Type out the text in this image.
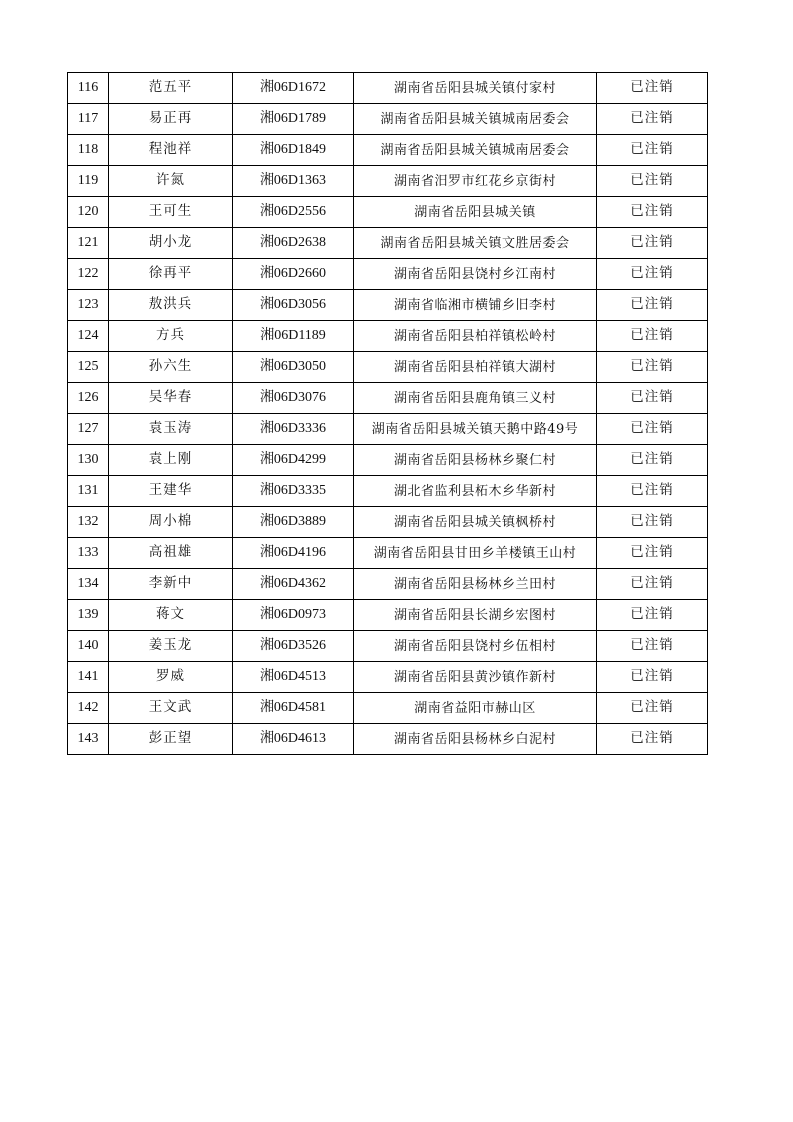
116	范五平	湘06D1672	湖南省岳阳县城关镇付家村	已注销
117	易正再	湘06D1789	湖南省岳阳县城关镇城南居委会	已注销
118	程池祥	湘06D1849	湖南省岳阳县城关镇城南居委会	已注销
119	许氮	湘06D1363	湖南省汨罗市红花乡京街村	已注销
120	王可生	湘06D2556	湖南省岳阳县城关镇	已注销
121	胡小龙	湘06D2638	湖南省岳阳县城关镇文胜居委会	已注销
122	徐再平	湘06D2660	湖南省岳阳县饶村乡江南村	已注销
123	敖洪兵	湘06D3056	湖南省临湘市横铺乡旧李村	已注销
124	方兵	湘06D1189	湖南省岳阳县柏祥镇松岭村	已注销
125	孙六生	湘06D3050	湖南省岳阳县柏祥镇大湖村	已注销
126	吴华春	湘06D3076	湖南省岳阳县鹿角镇三义村	已注销
127	袁玉涛	湘06D3336	湖南省岳阳县城关镇天鹅中路49号	已注销
130	袁上刚	湘06D4299	湖南省岳阳县杨林乡聚仁村	已注销
131	王建华	湘06D3335	湖北省监利县柘木乡华新村	已注销
132	周小棉	湘06D3889	湖南省岳阳县城关镇枫桥村	已注销
133	高祖雄	湘06D4196	湖南省岳阳县甘田乡羊楼镇王山村	已注销
134	李新中	湘06D4362	湖南省岳阳县杨林乡兰田村	已注销
139	蒋文	湘06D0973	湖南省岳阳县长湖乡宏图村	已注销
140	姜玉龙	湘06D3526	湖南省岳阳县饶村乡伍相村	已注销
141	罗威	湘06D4513	湖南省岳阳县黄沙镇作新村	已注销
142	王文武	湘06D4581	湖南省益阳市赫山区	已注销
143	彭正望	湘06D4613	湖南省岳阳县杨林乡白泥村	已注销
